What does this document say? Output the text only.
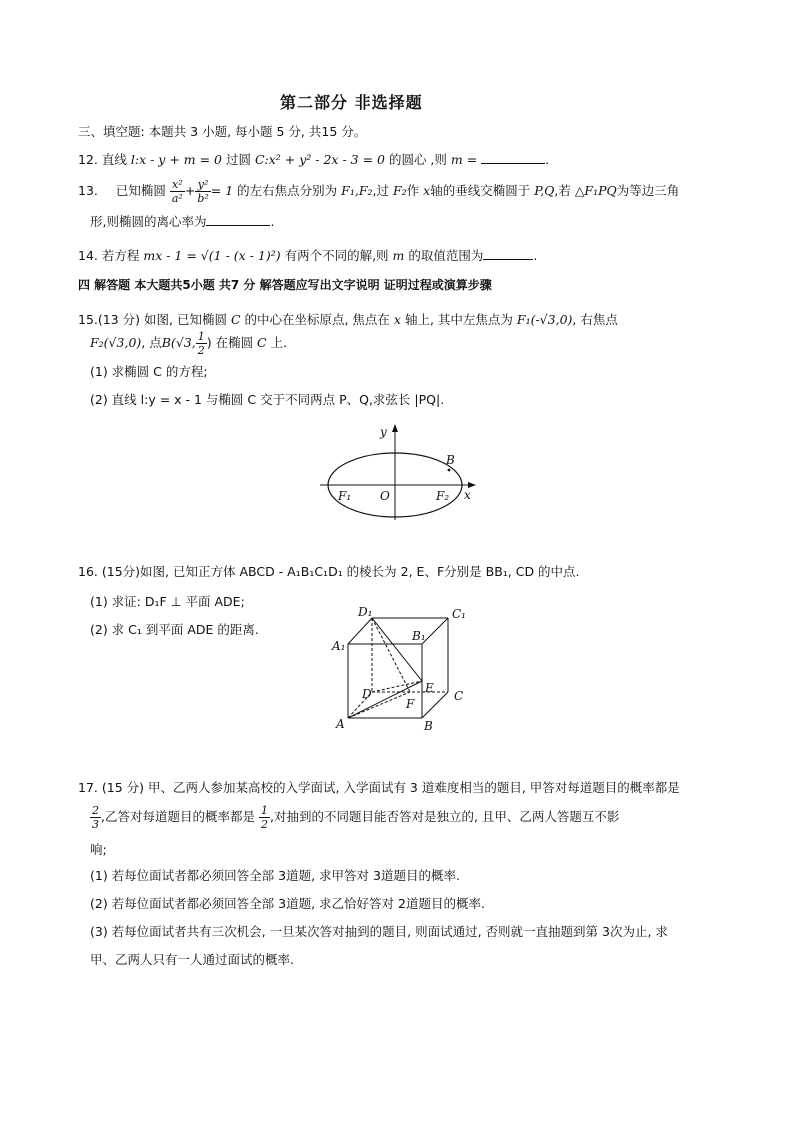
第二部分 非选择题
三、填空题: 本题共 3 小题, 每小题 5 分, 共15 分。
12. 直线 l:x - y + m = 0 过圆 C:x² + y² - 2x - 3 = 0 的圆心 ,则 m =	.
13. 已知椭圆 $\frac{\text{x²}}{\text{a²}} + \frac{\text{y²}}{\text{b²}} = 1$ 的左右焦点分别为 F₁,F₂,过 F₂作 x轴的垂线交椭圆于 P,Q,若 △F₁PQ为等边三角
形,则椭圆的离心率为	.
14. 若方程 mx - 1 = √(1 - (x - 1)²) 有两个不同的解,则 m 的取值范围为	.
四 解答题 本大题共5小题 共7 分 解答题应写出文字说明 证明过程或演算步骤
15.(13 分) 如图, 已知椭圆 C 的中心在坐标原点, 焦点在 x 轴上, 其中左焦点为 F₁(-√3,0), 右焦点
F₂(√3,0), 点B(√3, $\frac{1}{2}$ ) 在椭圆 C 上.
(1) 求椭圆 C 的方程;
(2) 直线 l:y = x - 1 与椭圆 C 交于不同两点 P、Q,求弦长 |PQ|.
y
x
O
F₁	F₂
B
16. (15分)如图, 已知正方体 ABCD - A₁B₁C₁D₁ 的棱长为 2, E、F分别是 BB₁, CD 的中点.
(1) 求证: D₁F ⊥ 平面 ADE;
(2) 求 C₁ 到平面 ADE 的距离.
D₁	C₁
A₁
B₁
D	E
C
F
A	B
17. (15 分) 甲、乙两人参加某高校的入学面试, 入学面试有 3 道难度相当的题目, 甲答对每道题目的概率都是
$\frac{2}{3}$ ,乙答对每道题目的概率都是 $\frac{1}{2}$ ,对抽到的不同题目能否答对是独立的, 且甲、乙两人答题互不影
响;
(1) 若每位面试者都必须回答全部 3道题, 求甲答对 3道题目的概率.
(2) 若每位面试者都必须回答全部 3道题, 求乙恰好答对 2道题目的概率.
(3) 若每位面试者共有三次机会, 一旦某次答对抽到的题目, 则面试通过, 否则就一直抽题到第 3次为止, 求
甲、乙两人只有一人通过面试的概率.
